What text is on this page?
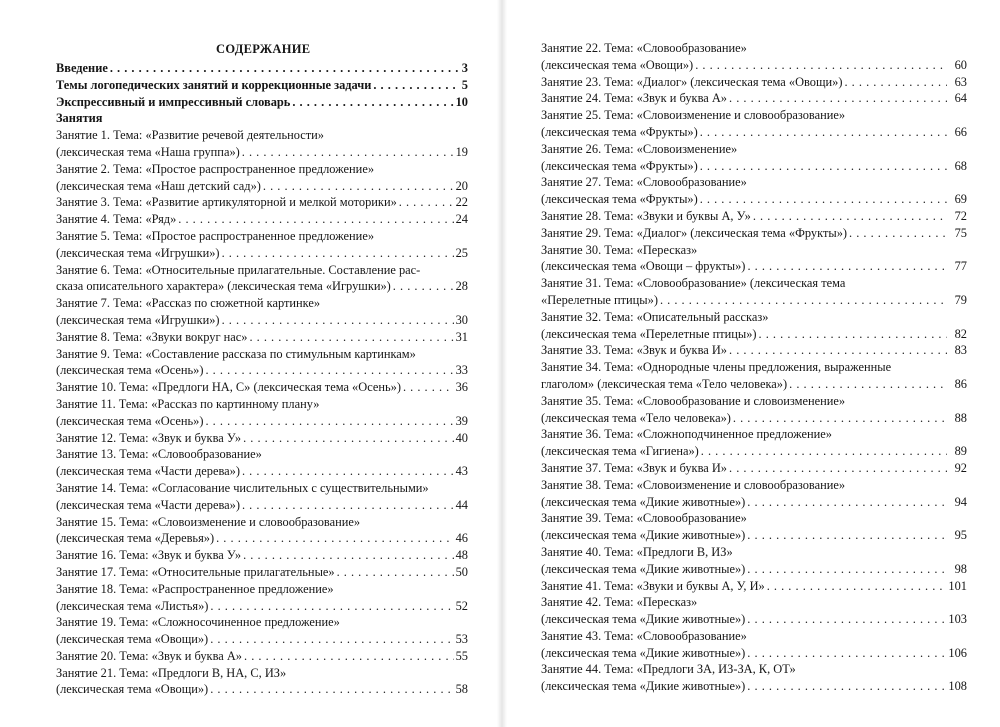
СОДЕРЖАНИЕ
Введение . . .	3
Темы логопедических занятий и коррекционные задачи . . .	5
Экспрессивный и импрессивный словарь . . .	10
Занятия
Занятие 1. Тема: «Развитие речевой деятельности»
(лексическая тема «Наша группа») . . .	19
Занятие 2. Тема: «Простое распространенное предложение»
(лексическая тема «Наш детский сад») . . .	20
Занятие 3. Тема: «Развитие артикуляторной и мелкой моторики» . . .	22
Занятие 4. Тема: «Ряд» . . .	24
Занятие 5. Тема: «Простое распространенное предложение»
(лексическая тема «Игрушки») . . .	25
Занятие 6. Тема: «Относительные прилагательные. Составление рас-
сказа описательного характера» (лексическая тема «Игрушки») . . .	28
Занятие 7. Тема: «Рассказ по сюжетной картинке»
(лексическая тема «Игрушки») . . .	30
Занятие 8. Тема: «Звуки вокруг нас» . . .	31
Занятие 9. Тема: «Составление рассказа по стимульным картинкам»
(лексическая тема «Осень») . . .	33
Занятие 10. Тема: «Предлоги НА, С» (лексическая тема «Осень») . . .	36
Занятие 11. Тема: «Рассказ по картинному плану»
(лексическая тема «Осень») . . .	39
Занятие 12. Тема: «Звук и буква У» . . .	40
Занятие 13. Тема: «Словообразование»
(лексическая тема «Части дерева») . . .	43
Занятие 14. Тема: «Согласование числительных с существительными»
(лексическая тема «Части дерева») . . .	44
Занятие 15. Тема: «Словоизменение и словообразование»
(лексическая тема «Деревья») . . .	46
Занятие 16. Тема: «Звук и буква У» . . .	48
Занятие 17. Тема: «Относительные прилагательные» . . .	50
Занятие 18. Тема: «Распространенное предложение»
(лексическая тема «Листья») . . .	52
Занятие 19. Тема: «Сложносочиненное предложение»
(лексическая тема «Овощи») . . .	53
Занятие 20. Тема: «Звук и буква А» . . .	55
Занятие 21. Тема: «Предлоги В, НА, С, ИЗ»
(лексическая тема «Овощи») . . .	58
Занятие 22. Тема: «Словообразование»
(лексическая тема «Овощи») . . .	60
Занятие 23. Тема: «Диалог» (лексическая тема «Овощи») . . .	63
Занятие 24. Тема: «Звук и буква А» . . .	64
Занятие 25. Тема: «Словоизменение и словообразование»
(лексическая тема «Фрукты») . . .	66
Занятие 26. Тема: «Словоизменение»
(лексическая тема «Фрукты») . . .	68
Занятие 27. Тема: «Словообразование»
(лексическая тема «Фрукты») . . .	69
Занятие 28. Тема: «Звуки и буквы А, У» . . .	72
Занятие 29. Тема: «Диалог» (лексическая тема «Фрукты») . . .	75
Занятие 30. Тема: «Пересказ»
(лексическая тема «Овощи – фрукты») . . .	77
Занятие 31. Тема: «Словообразование» (лексическая тема
«Перелетные птицы») . . .	79
Занятие 32. Тема: «Описательный рассказ»
(лексическая тема «Перелетные птицы») . . .	82
Занятие 33. Тема: «Звук и буква И» . . .	83
Занятие 34. Тема: «Однородные члены предложения, выраженные
глаголом» (лексическая тема «Тело человека») . . .	86
Занятие 35. Тема: «Словообразование и словоизменение»
(лексическая тема «Тело человека») . . .	88
Занятие 36. Тема: «Сложноподчиненное предложение»
(лексическая тема «Гигиена») . . .	89
Занятие 37. Тема: «Звук и буква И» . . .	92
Занятие 38. Тема: «Словоизменение и словообразование»
(лексическая тема «Дикие животные») . . .	94
Занятие 39. Тема: «Словообразование»
(лексическая тема «Дикие животные») . . .	95
Занятие 40. Тема: «Предлоги В, ИЗ»
(лексическая тема «Дикие животные») . . .	98
Занятие 41. Тема: «Звуки и буквы А, У, И» . . .	101
Занятие 42. Тема: «Пересказ»
(лексическая тема «Дикие животные») . . .	103
Занятие 43. Тема: «Словообразование»
(лексическая тема «Дикие животные») . . .	106
Занятие 44. Тема: «Предлоги ЗА, ИЗ-ЗА, К, ОТ»
(лексическая тема «Дикие животные») . . .	108
